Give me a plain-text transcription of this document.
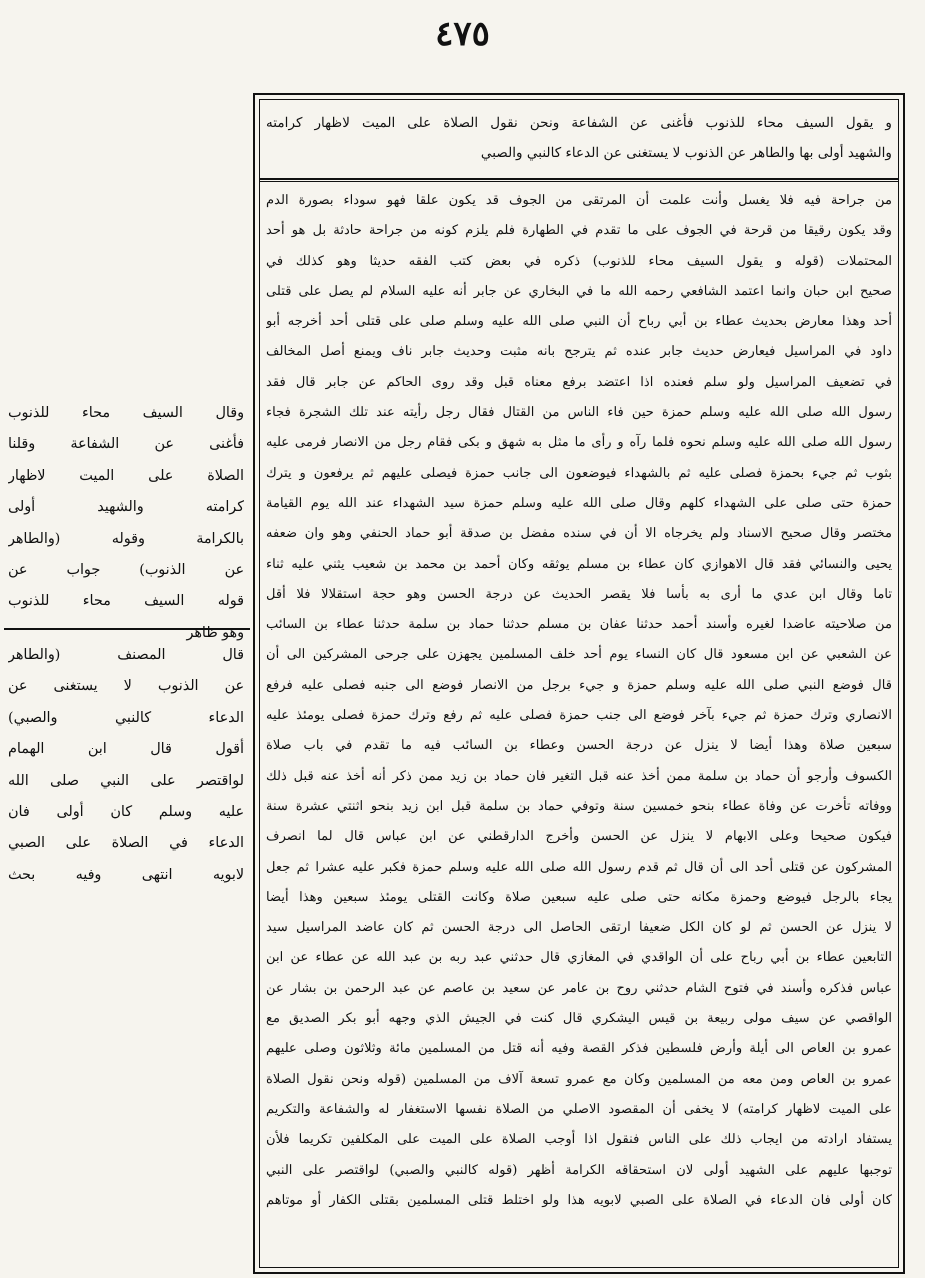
٤٧٥
وقال السيف محاء للذنوب
فأغنى عن الشفاعة وقلنا
الصلاة على الميت لاظهار
كرامته والشهيد أولى
بالكرامة وقوله (والطاهر
عن الذنوب) جواب عن
قوله السيف محاء للذنوب
وهو ظاهر
قال المصنف (والطاهر
عن الذنوب لا يستغنى عن
الدعاء كالنبي والصبي)
أقول قال ابن الهمام
لواقتصر على النبي صلى الله
عليه وسلم كان أولى فان
الدعاء في الصلاة على الصبي
لابويه انتهى وفيه بحث
و يقول السيف محاء للذنوب فأغنى عن الشفاعة ونحن نقول الصلاة على الميت لاظهار كرامته
والشهيد أولى بها والطاهر عن الذنوب لا يستغنى عن الدعاء كالنبي والصبي
من جراحة فيه فلا يغسل وأنت علمت أن المرتقى من الجوف قد يكون علقا فهو سوداء بصورة الدم
وقد يكون رقيقا من قرحة في الجوف على ما تقدم في الطهارة فلم يلزم كونه من جراحة حادثة بل هو أحد
المحتملات (قوله و يقول السيف محاء للذنوب) ذكره في بعض كتب الفقه حديثا وهو كذلك في
صحيح ابن حبان وانما اعتمد الشافعي رحمه الله ما في البخاري عن جابر أنه عليه السلام لم يصل على قتلى
أحد وهذا معارض بحديث عطاء بن أبي رباح أن النبي صلى الله عليه وسلم صلى على قتلى أحد أخرجه أبو
داود في المراسيل فيعارض حديث جابر عنده ثم يترجح بانه مثبت وحديث جابر ناف ويمنع أصل المخالف
في تضعيف المراسيل ولو سلم فعنده اذا اعتضد برفع معناه قبل وقد روى الحاكم عن جابر قال فقد
رسول الله صلى الله عليه وسلم حمزة حين فاء الناس من القتال فقال رجل رأيته عند تلك الشجرة فجاء
رسول الله صلى الله عليه وسلم نحوه فلما رآه و رأى ما مثل به شهق و بكى فقام رجل من الانصار فرمى عليه
بثوب ثم جيء بحمزة فصلى عليه ثم بالشهداء فيوضعون الى جانب حمزة فيصلى عليهم ثم يرفعون و يترك
حمزة حتى صلى على الشهداء كلهم وقال صلى الله عليه وسلم حمزة سيد الشهداء عند الله يوم القيامة
مختصر وقال صحيح الاسناد ولم يخرجاه الا أن في سنده مفضل بن صدقة أبو حماد الحنفي وهو وان ضعفه
يحيى والنسائي فقد قال الاهوازي كان عطاء بن مسلم يوثقه وكان أحمد بن محمد بن شعيب يثني عليه ثناء
تاما وقال ابن عدي ما أرى به بأسا فلا يقصر الحديث عن درجة الحسن وهو حجة استقلالا فلا أقل
من صلاحيته عاضدا لغيره وأسند أحمد حدثنا عفان بن مسلم حدثنا حماد بن سلمة حدثنا عطاء بن السائب
عن الشعبي عن ابن مسعود قال كان النساء يوم أحد خلف المسلمين يجهزن على جرحى المشركين الى أن
قال فوضع النبي صلى الله عليه وسلم حمزة و جيء برجل من الانصار فوضع الى جنبه فصلى عليه فرفع
الانصاري وترك حمزة ثم جيء بآخر فوضع الى جنب حمزة فصلى عليه ثم رفع وترك حمزة فصلى يومئذ عليه
سبعين صلاة وهذا أيضا لا ينزل عن درجة الحسن وعطاء بن السائب فيه ما تقدم في باب صلاة
الكسوف وأرجو أن حماد بن سلمة ممن أخذ عنه قبل التغير فان حماد بن زيد ممن ذكر أنه أخذ عنه قبل ذلك
ووفاته تأخرت عن وفاة عطاء بنحو خمسين سنة وتوفي حماد بن سلمة قبل ابن زيد بنحو اثنتي عشرة سنة
فيكون صحيحا وعلى الابهام لا ينزل عن الحسن وأخرج الدارقطني عن ابن عباس قال لما انصرف
المشركون عن قتلى أحد الى أن قال ثم قدم رسول الله صلى الله عليه وسلم حمزة فكبر عليه عشرا ثم جعل
يجاء بالرجل فيوضع وحمزة مكانه حتى صلى عليه سبعين صلاة وكانت القتلى يومئذ سبعين وهذا أيضا
لا ينزل عن الحسن ثم لو كان الكل ضعيفا ارتقى الحاصل الى درجة الحسن ثم كان عاضد المراسيل سيد
التابعين عطاء بن أبي رباح على أن الواقدي في المغازي قال حدثني عبد ربه بن عبد الله عن عطاء عن ابن
عباس فذكره وأسند في فتوح الشام حدثني روح بن عامر عن سعيد بن عاصم عن عبد الرحمن بن بشار عن
الواقصي عن سيف مولى ربيعة بن قيس اليشكري قال كنت في الجيش الذي وجهه أبو بكر الصديق مع
عمرو بن العاص الى أيلة وأرض فلسطين فذكر القصة وفيه أنه قتل من المسلمين مائة وثلاثون وصلى عليهم
عمرو بن العاص ومن معه من المسلمين وكان مع عمرو تسعة آلاف من المسلمين (قوله ونحن نقول الصلاة
على الميت لاظهار كرامته) لا يخفى أن المقصود الاصلي من الصلاة نفسها الاستغفار له والشفاعة والتكريم
يستفاد ارادته من ايجاب ذلك على الناس فنقول اذا أوجب الصلاة على الميت على المكلفين تكريما فلأن
توجبها عليهم على الشهيد أولى لان استحقاقه الكرامة أظهر (قوله كالنبي والصبي) لواقتصر على النبي
كان أولى فان الدعاء في الصلاة على الصبي لابويه هذا ولو اختلط قتلى المسلمين بقتلى الكفار أو موتاهم
